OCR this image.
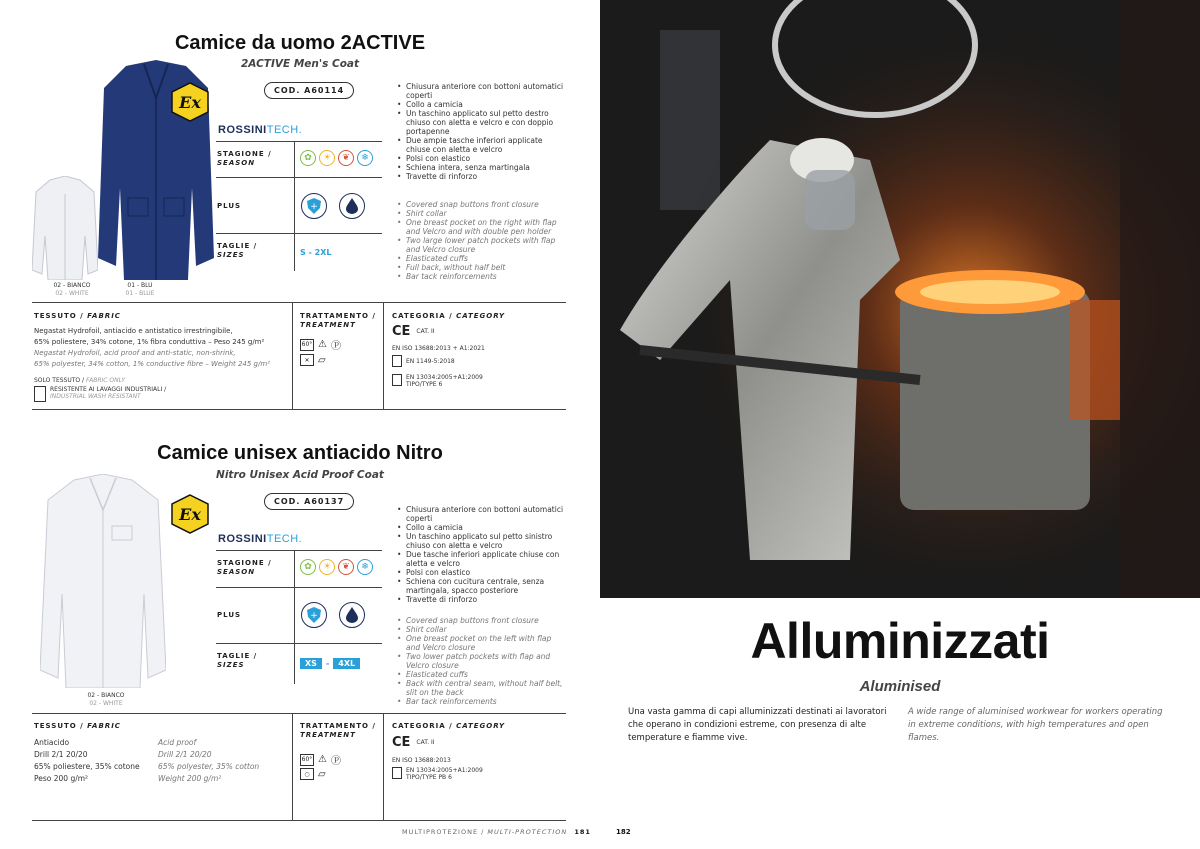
Camice da uomo 2ACTIVE
2ACTIVE Men's Coat
02 - BIANCO
02 - WHITE
01 - BLU
01 - BLUE
Ex
COD. A60114
ROSSINITECH.
STAGIONE /
SEASON
✿	☀	❦	❄
PLUS	+
TAGLIE /
SIZES	S - 2XL
• Chiusura anteriore con bottoni automatici coperti
• Collo a camicia
• Un taschino applicato sul petto destro chiuso con aletta e velcro e con doppio portapenne
• Due ampie tasche inferiori applicate chiuse con aletta e velcro
• Polsi con elastico
• Schiena intera, senza martingala
• Travette di rinforzo
• Covered snap buttons front closure
• Shirt collar
• One breast pocket on the right with flap and Velcro and with double pen holder
• Two large lower patch pockets with flap and Velcro closure
• Elasticated cuffs
• Full back, without half belt
• Bar tack reinforcements
TESSUTO / FABRIC
Negastat Hydrofoil, antiacido e antistatico irrestringibile,
65% poliestere, 34% cotone, 1% fibra conduttiva – Peso 245 g/m²
Negastat Hydrofoil, acid proof and anti-static, non-shrink,
65% polyester, 34% cotton, 1% conductive fibre – Weight 245 g/m²
SOLO TESSUTO / FABRIC ONLY
RESISTENTE AI LAVAGGI INDUSTRIALI /
INDUSTRIAL WASH RESISTANT
TRATTAMENTO /
TREATMENT
60° ⚠ Ⓟ
✕ ▱
CATEGORIA / CATEGORY
CE CAT. II
EN ISO 13688:2013 + A1:2021
EN 1149-5:2018
EN 13034:2005+A1:2009
TIPO/TYPE 6
Camice unisex antiacido Nitro
Nitro Unisex Acid Proof Coat
02 - BIANCO
02 - WHITE
Ex
COD. A60137
ROSSINITECH.
STAGIONE /
SEASON
✿	☀	❦	❄
PLUS	+
TAGLIE /
SIZES	XS	-	4XL
• Chiusura anteriore con bottoni automatici coperti
• Collo a camicia
• Un taschino applicato sul petto sinistro chiuso con aletta e velcro
• Due tasche inferiori applicate chiuse con aletta e velcro
• Polsi con elastico
• Schiena con cucitura centrale, senza martingala, spacco posteriore
• Travette di rinforzo
• Covered snap buttons front closure
• Shirt collar
• One breast pocket on the left with flap and Velcro closure
• Two lower patch pockets with flap and Velcro closure
• Elasticated cuffs
• Back with central seam, without half belt, slit on the back
• Bar tack reinforcements
TESSUTO / FABRIC
Antiacido
Drill 2/1 20/20
65% poliestere, 35% cotone
Peso 200 g/m²
Acid proof
Drill 2/1 20/20
65% polyester, 35% cotton
Weight 200 g/m²
TRATTAMENTO /
TREATMENT
60° ⚠ Ⓟ
○ ▱
CATEGORIA / CATEGORY
CE CAT. II
EN ISO 13688:2013
EN 13034:2005+A1:2009
TIPO/TYPE PB 6
MULTIPROTEZIONE / MULTI-PROTECTION 181	182
Alluminizzati
Aluminised
Una vasta gamma di capi alluminizzati destinati ai lavoratori che operano in condizioni estreme, con presenza di alte temperature e fiamme vive.
A wide range of aluminised workwear for workers operating in extreme conditions, with high temperatures and open flames.
